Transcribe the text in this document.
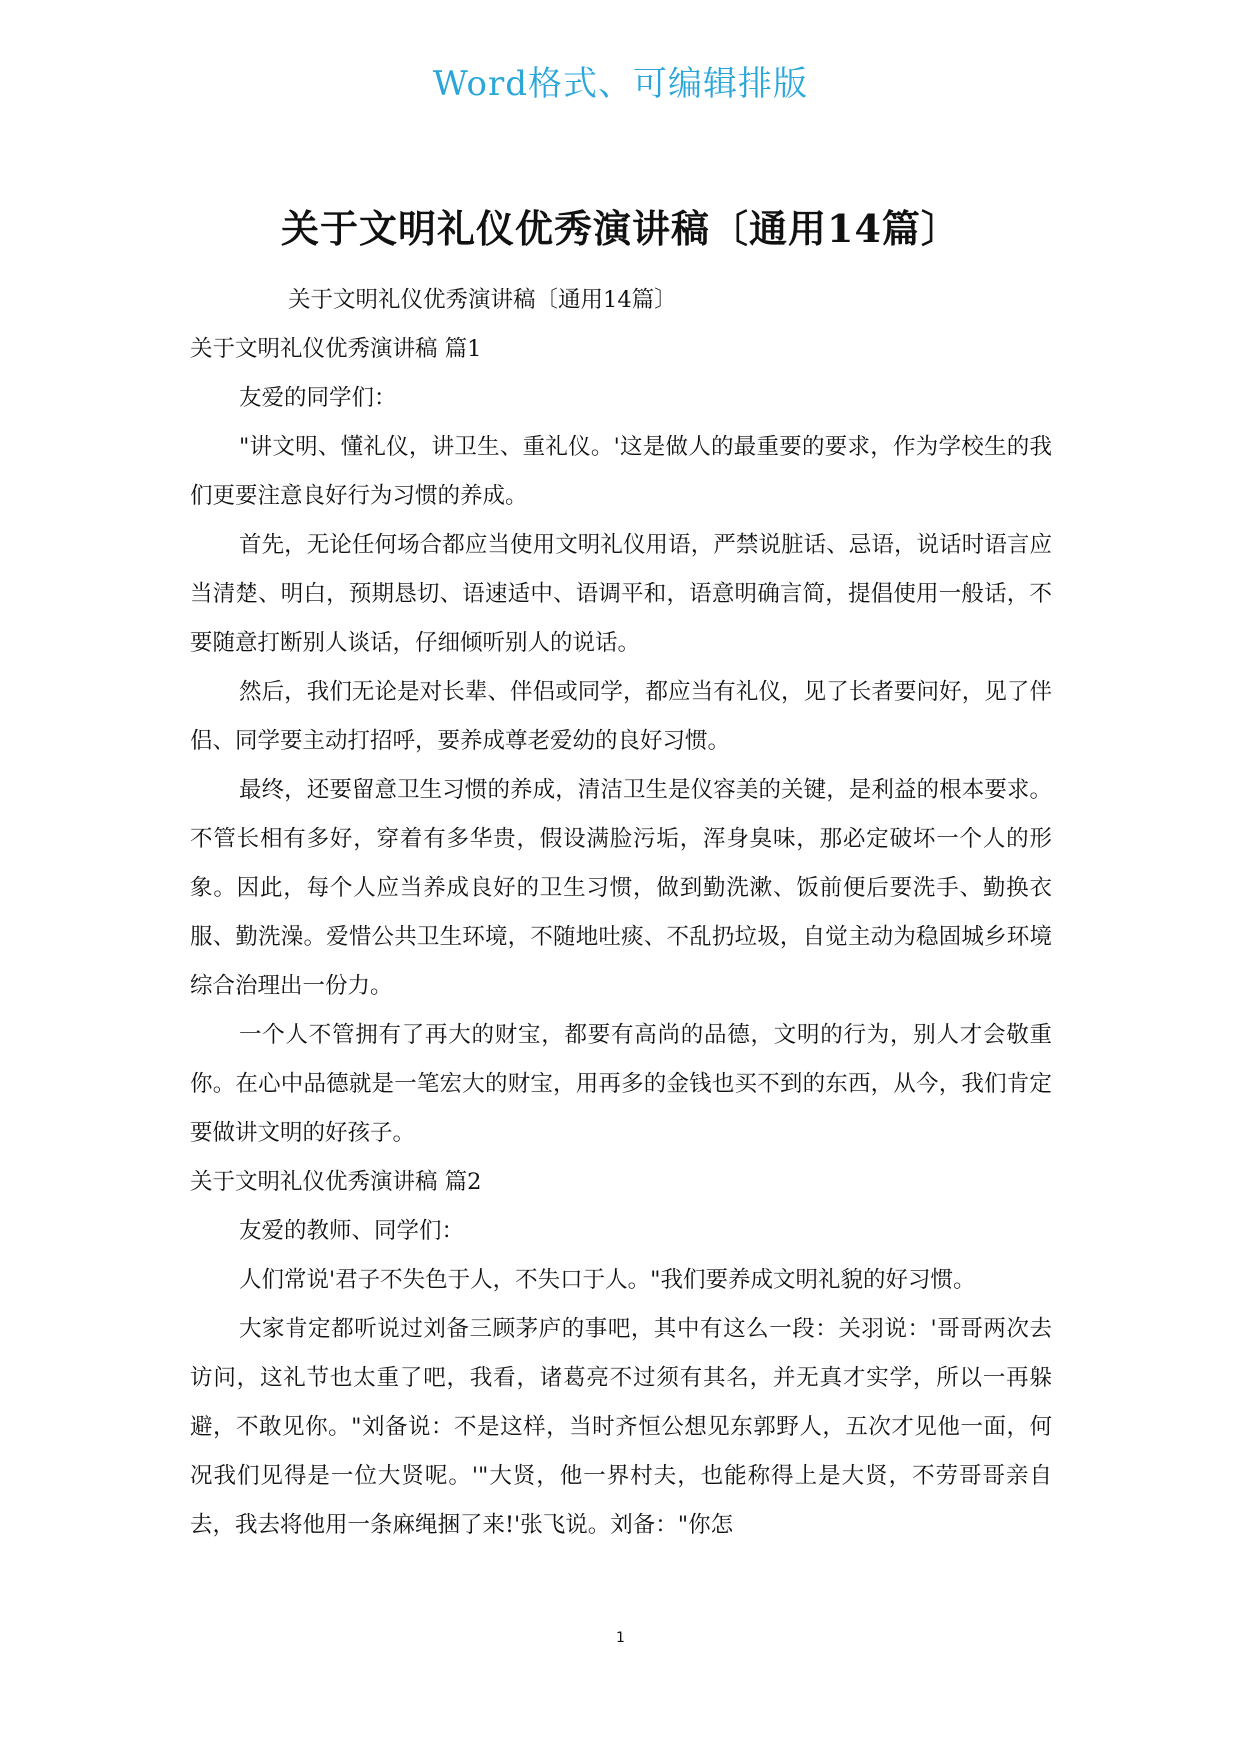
Word格式、可编辑排版
关于文明礼仪优秀演讲稿〔通用14篇〕

关于文明礼仪优秀演讲稿〔通用14篇〕

关于文明礼仪优秀演讲稿 篇1

友爱的同学们：

"讲文明、懂礼仪，讲卫生、重礼仪。'这是做人的最重要的要求，作为学校生的我们更要注意良好行为习惯的养成。

首先，无论任何场合都应当使用文明礼仪用语，严禁说脏话、忌语，说话时语言应当清楚、明白，预期恳切、语速适中、语调平和，语意明确言简，提倡使用一般话，不要随意打断别人谈话，仔细倾听别人的说话。

然后，我们无论是对长辈、伴侣或同学，都应当有礼仪，见了长者要问好，见了伴侣、同学要主动打招呼，要养成尊老爱幼的良好习惯。

最终，还要留意卫生习惯的养成，清洁卫生是仪容美的关键，是利益的根本要求。不管长相有多好，穿着有多华贵，假设满脸污垢，浑身臭味，那必定破坏一个人的形象。因此，每个人应当养成良好的卫生习惯，做到勤洗漱、饭前便后要洗手、勤换衣服、勤洗澡。爱惜公共卫生环境，不随地吐痰、不乱扔垃圾，自觉主动为稳固城乡环境综合治理出一份力。

一个人不管拥有了再大的财宝，都要有高尚的品德，文明的行为，别人才会敬重你。在心中品德就是一笔宏大的财宝，用再多的金钱也买不到的东西，从今，我们肯定要做讲文明的好孩子。

关于文明礼仪优秀演讲稿 篇2

友爱的教师、同学们：

人们常说'君子不失色于人，不失口于人。"我们要养成文明礼貌的好习惯。

大家肯定都听说过刘备三顾茅庐的事吧，其中有这么一段：关羽说：'哥哥两次去访问，这礼节也太重了吧，我看，诸葛亮不过须有其名，并无真才实学，所以一再躲避，不敢见你。"刘备说：不是这样，当时齐恒公想见东郭野人，五次才见他一面，何况我们见得是一位大贤呢。'"大贤，他一界村夫，也能称得上是大贤，不劳哥哥亲自去，我去将他用一条麻绳捆了来!'张飞说。刘备："你怎

1
